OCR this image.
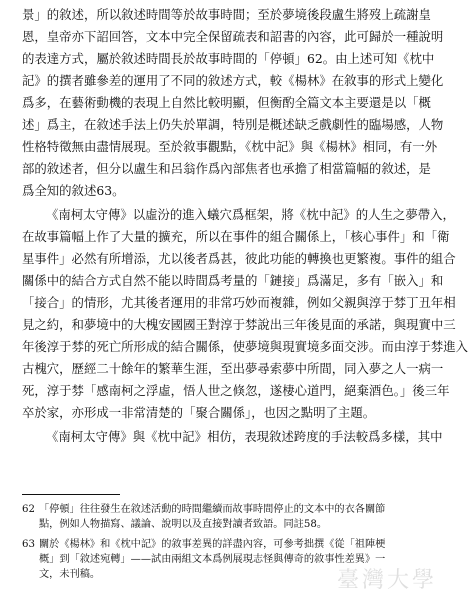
景」的敘述，所以敘述時間等於故事時間；至於夢境後段盧生將歿上疏謝皇
恩，皇帝亦下詔回答，文本中完全保留疏表和詔書的內容，此可歸於一種說明
的表達方式，屬於敘述時間長於故事時間的「停頓」62。由上述可知《枕中
記》的撰者雖參差的運用了不同的敘述方式，較《楊林》在敘事的形式上變化
爲多，在藝術動機的表現上自然比較明顯，但衡酌全篇文本主要還是以「概
述」爲主，在敘述手法上仍失於單調，特別是概述缺乏戲劇性的臨場感，人物
性格特徵無由盡情展現。至於敘事觀點，《枕中記》與《楊林》相同，有一外
部的敘述者，但分以盧生和呂翁作爲內部焦者也承擔了相當篇幅的敘述，是
爲全知的敘述63。
《南柯太守傳》以虛汾的進入蟻穴爲框架，將《枕中記》的人生之夢帶入，
在故事篇幅上作了大量的擴充，所以在事件的組合關係上，「核心事件」和「衛
星事件」必然有所增添，尤以後者爲甚，彼此功能的轉換也更繁複。事件的組合
關係中的結合方式自然不能以時間爲考量的「鏈接」爲滿足，多有「嵌入」和
「接合」的情形，尤其後者運用的非常巧妙而複雜，例如父親與淳于棼丁丑年相
見之約，和夢境中的大槐安國國王對淳于棼說出三年後見面的承諾，與現實中三
年後淳于棼的死亡所形成的結合關係，使夢境與現實境多面交涉。而由淳于棼進入
古槐穴，歷經二十餘年的繁華生涯，至出夢尋索夢中所間，同入夢之人一病一
死，淳于棼「感南柯之浮虛，悟人世之倏忽，遂棲心道門，絕棄酒色。」後三年
卒於家，亦形成一非常清楚的「聚合關係」，也因之點明了主題。
《南柯太守傳》與《枕中記》相仿，表現敘述跨度的手法較爲多樣，其中
62 「停頓」往往發生在敘述活動的時間繼續而故事時間停止的文本中的衣各關節
點，例如人物描寫、議論、說明以及直接對讀者致語。同註58。
63 關於《楊林》和《枕中記》的敘事差異的詳盡內容，可參考拙撰《從「祖陣梗
概」到「敘述宛轉」——試由兩組文本爲例展現志怪與傳奇的敘事性差異》一
文，未刊稿。	臺灣大學
